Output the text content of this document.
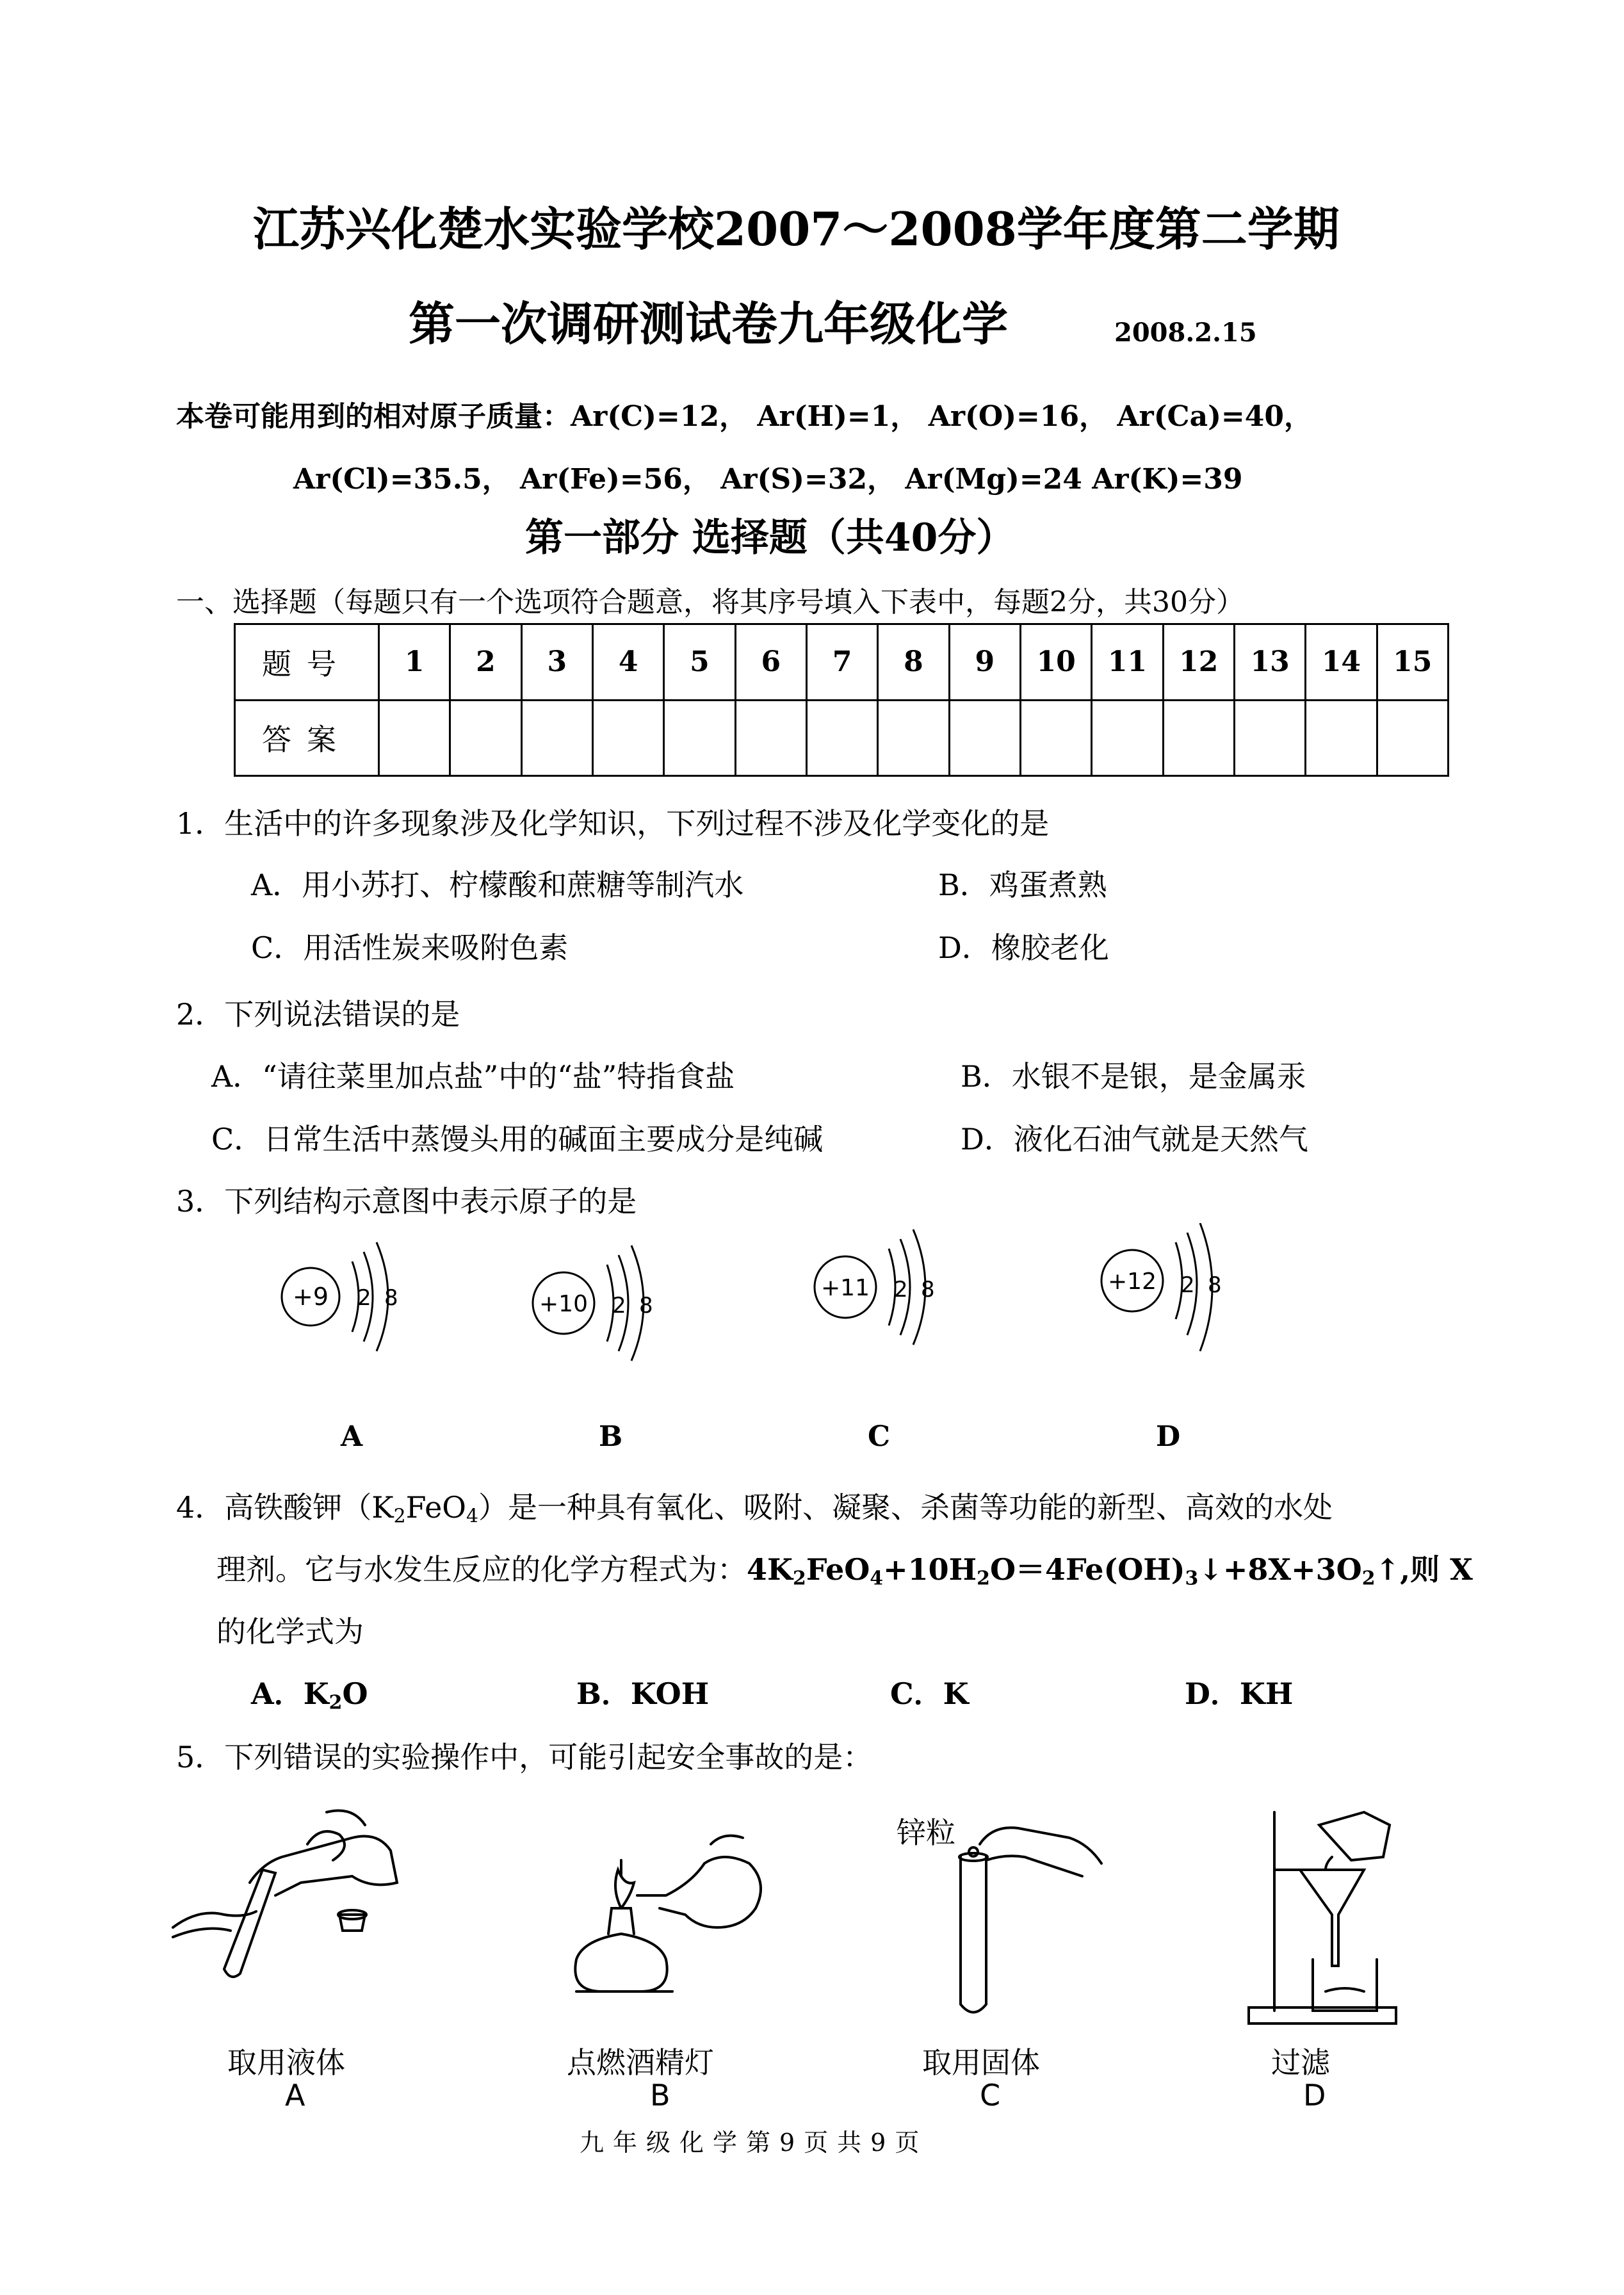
江苏兴化楚水实验学校2007～2008学年度第二学期
第一次调研测试卷九年级化学	2008.2.15
本卷可能用到的相对原子质量：Ar(C)=12， Ar(H)=1， Ar(O)=16， Ar(Ca)=40，
Ar(Cl)=35.5， Ar(Fe)=56， Ar(S)=32， Ar(Mg)=24 Ar(K)=39
第一部分 选择题（共40分）
一、选择题（每题只有一个选项符合题意，将其序号填入下表中，每题2分，共30分）
题号	1	2	3	4	5	6	7	8	9	10	11	12	13	14	15
答案															
1．生活中的许多现象涉及化学知识，下列过程不涉及化学变化的是
A．用小苏打、柠檬酸和蔗糖等制汽水	B．鸡蛋煮熟
C．用活性炭来吸附色素	D．橡胶老化
2．下列说法错误的是
A．“请往菜里加点盐”中的“盐”特指食盐	B．水银不是银，是金属汞
C．日常生活中蒸馒头用的碱面主要成分是纯碱	D．液化石油气就是天然气
3．下列结构示意图中表示原子的是
+9 2 8	+10 2 8
+11 2 8	+12 2 8
A	B	C	D
4．高铁酸钾$(K_2FeO_4)$是一种具有氧化、吸附、凝聚、杀菌等功能的新型、高效的水处
理剂。它与水发生反应的化学方程式为：$4K_2FeO_4+10H_2O=4Fe(OH)_3↓+8X+3O_2↑$,则 X
的化学式为
A．$K_2O$	B．KOH	C．K	D．KH
5．下列错误的实验操作中，可能引起安全事故的是：
锌粒
取用液体	点燃酒精灯	取用固体	过滤
A	B	C	D
九年级化学第9页共9页
